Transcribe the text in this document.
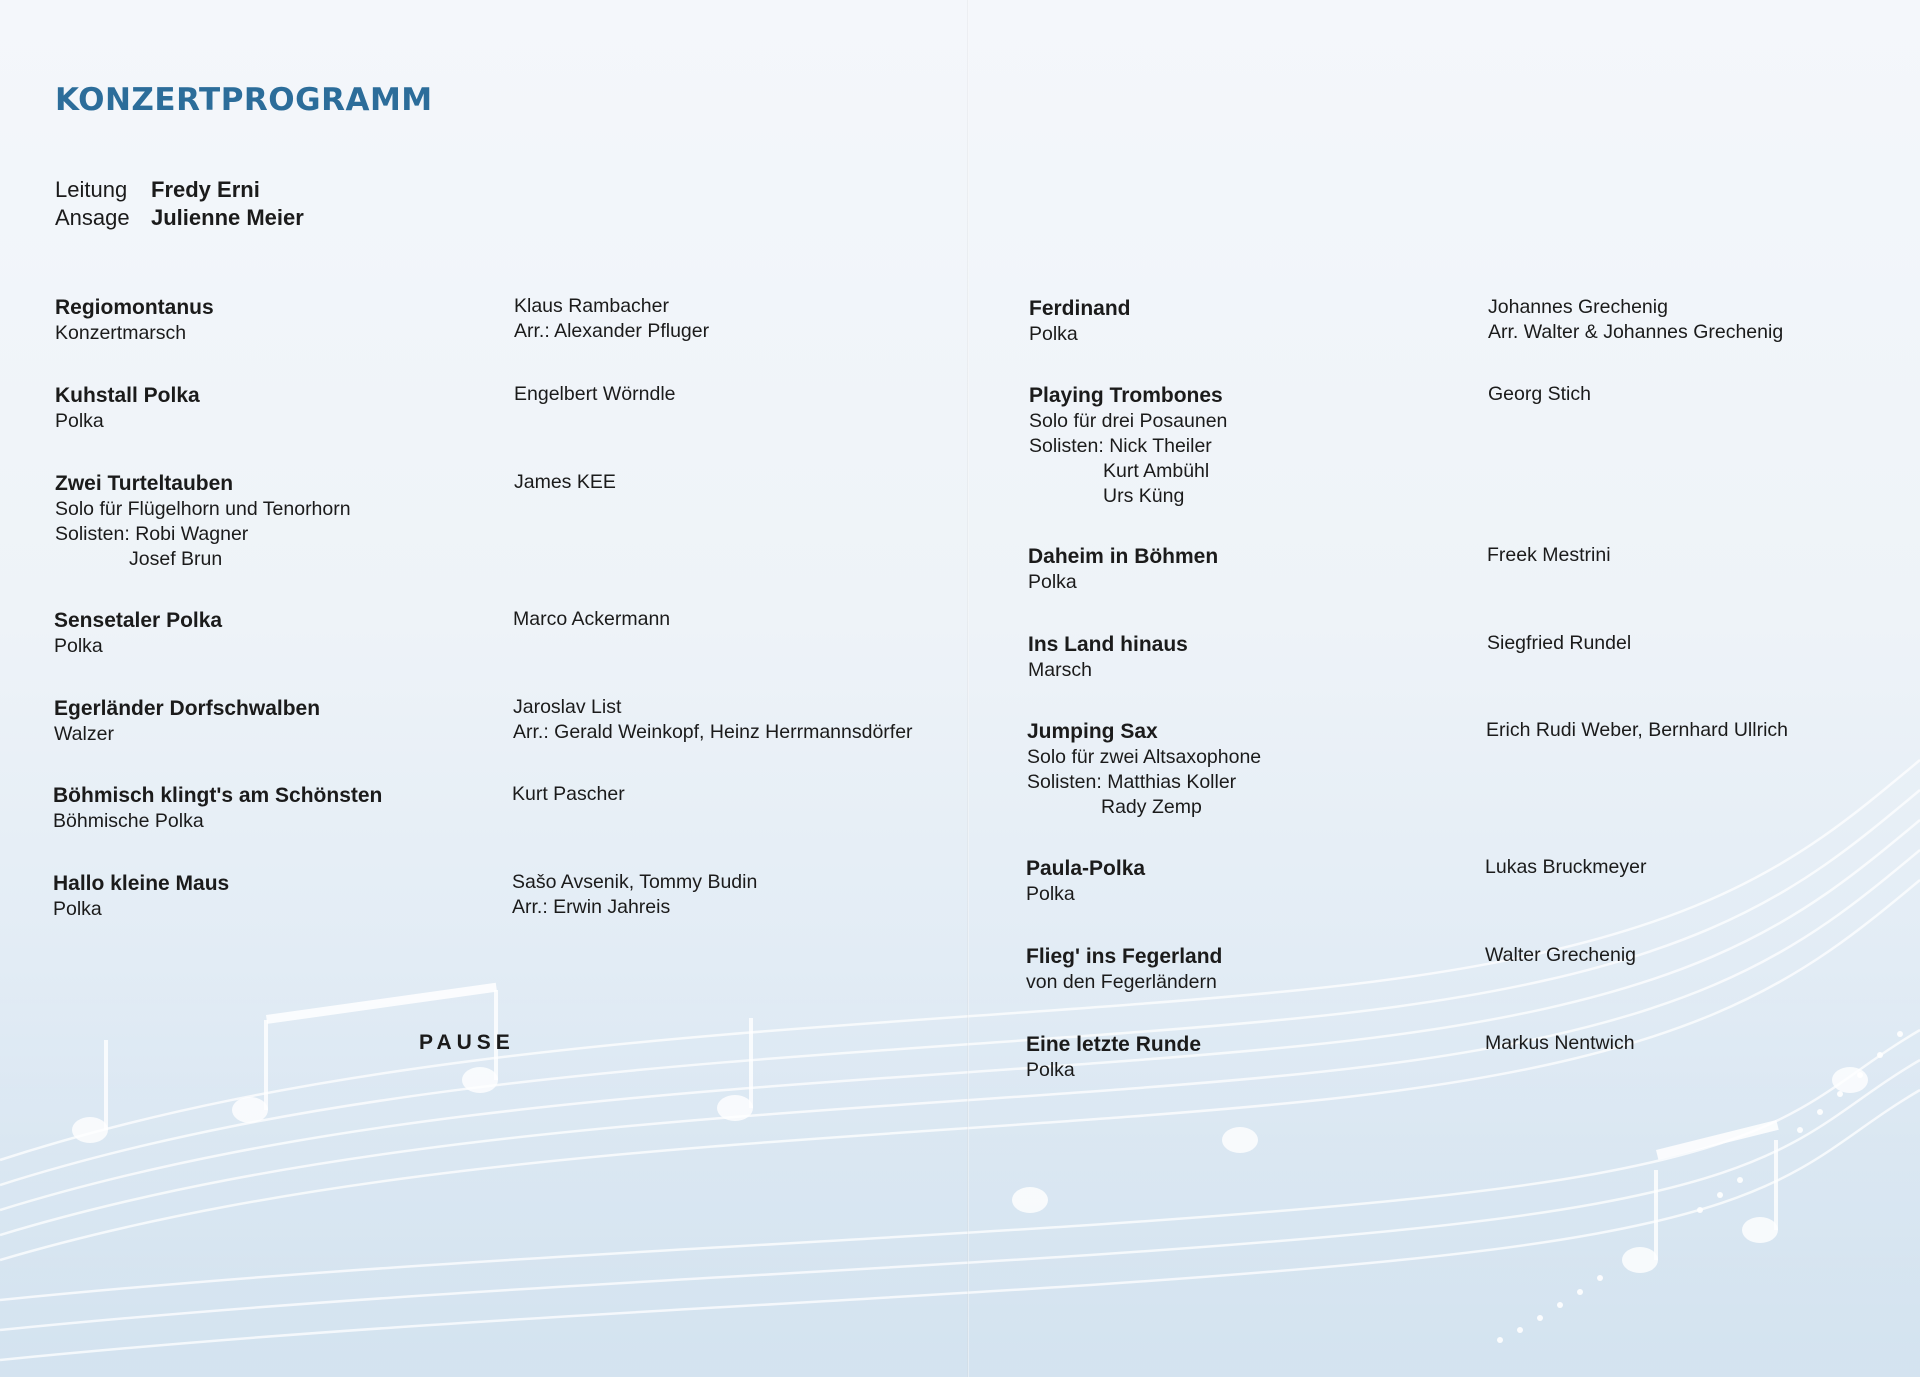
KONZERTPROGRAMM
Leitung	Fredy Erni
Ansage Julienne Meier
Regiomontanus
Konzertmarsch
Klaus Rambacher
Arr.: Alexander Pfluger
Kuhstall Polka
Polka
Engelbert Wörndle
Zwei Turteltauben
Solo für Flügelhorn und Tenorhorn
Solisten: Robi Wagner
Josef Brun
James KEE
Sensetaler Polka
Polka
Marco Ackermann
Egerländer Dorfschwalben
Walzer
Jaroslav List
Arr.: Gerald Weinkopf, Heinz Herrmannsdörfer
Böhmisch klingt's am Schönsten
Böhmische Polka
Kurt Pascher
Hallo kleine Maus
Polka
Sašo Avsenik, Tommy Budin
Arr.: Erwin Jahreis
PAUSE
Ferdinand
Polka
Johannes Grechenig
Arr. Walter & Johannes Grechenig
Playing Trombones
Solo für drei Posaunen
Solisten: Nick Theiler
Kurt Ambühl
Urs Küng
Georg Stich
Daheim in Böhmen
Polka
Freek Mestrini
Ins Land hinaus
Marsch
Siegfried Rundel
Jumping Sax
Solo für zwei Altsaxophone
Solisten: Matthias Koller
Rady Zemp
Erich Rudi Weber, Bernhard Ullrich
Paula-Polka
Polka
Lukas Bruckmeyer
Flieg' ins Fegerland
von den Fegerländern
Walter Grechenig
Eine letzte Runde
Polka
Markus Nentwich
